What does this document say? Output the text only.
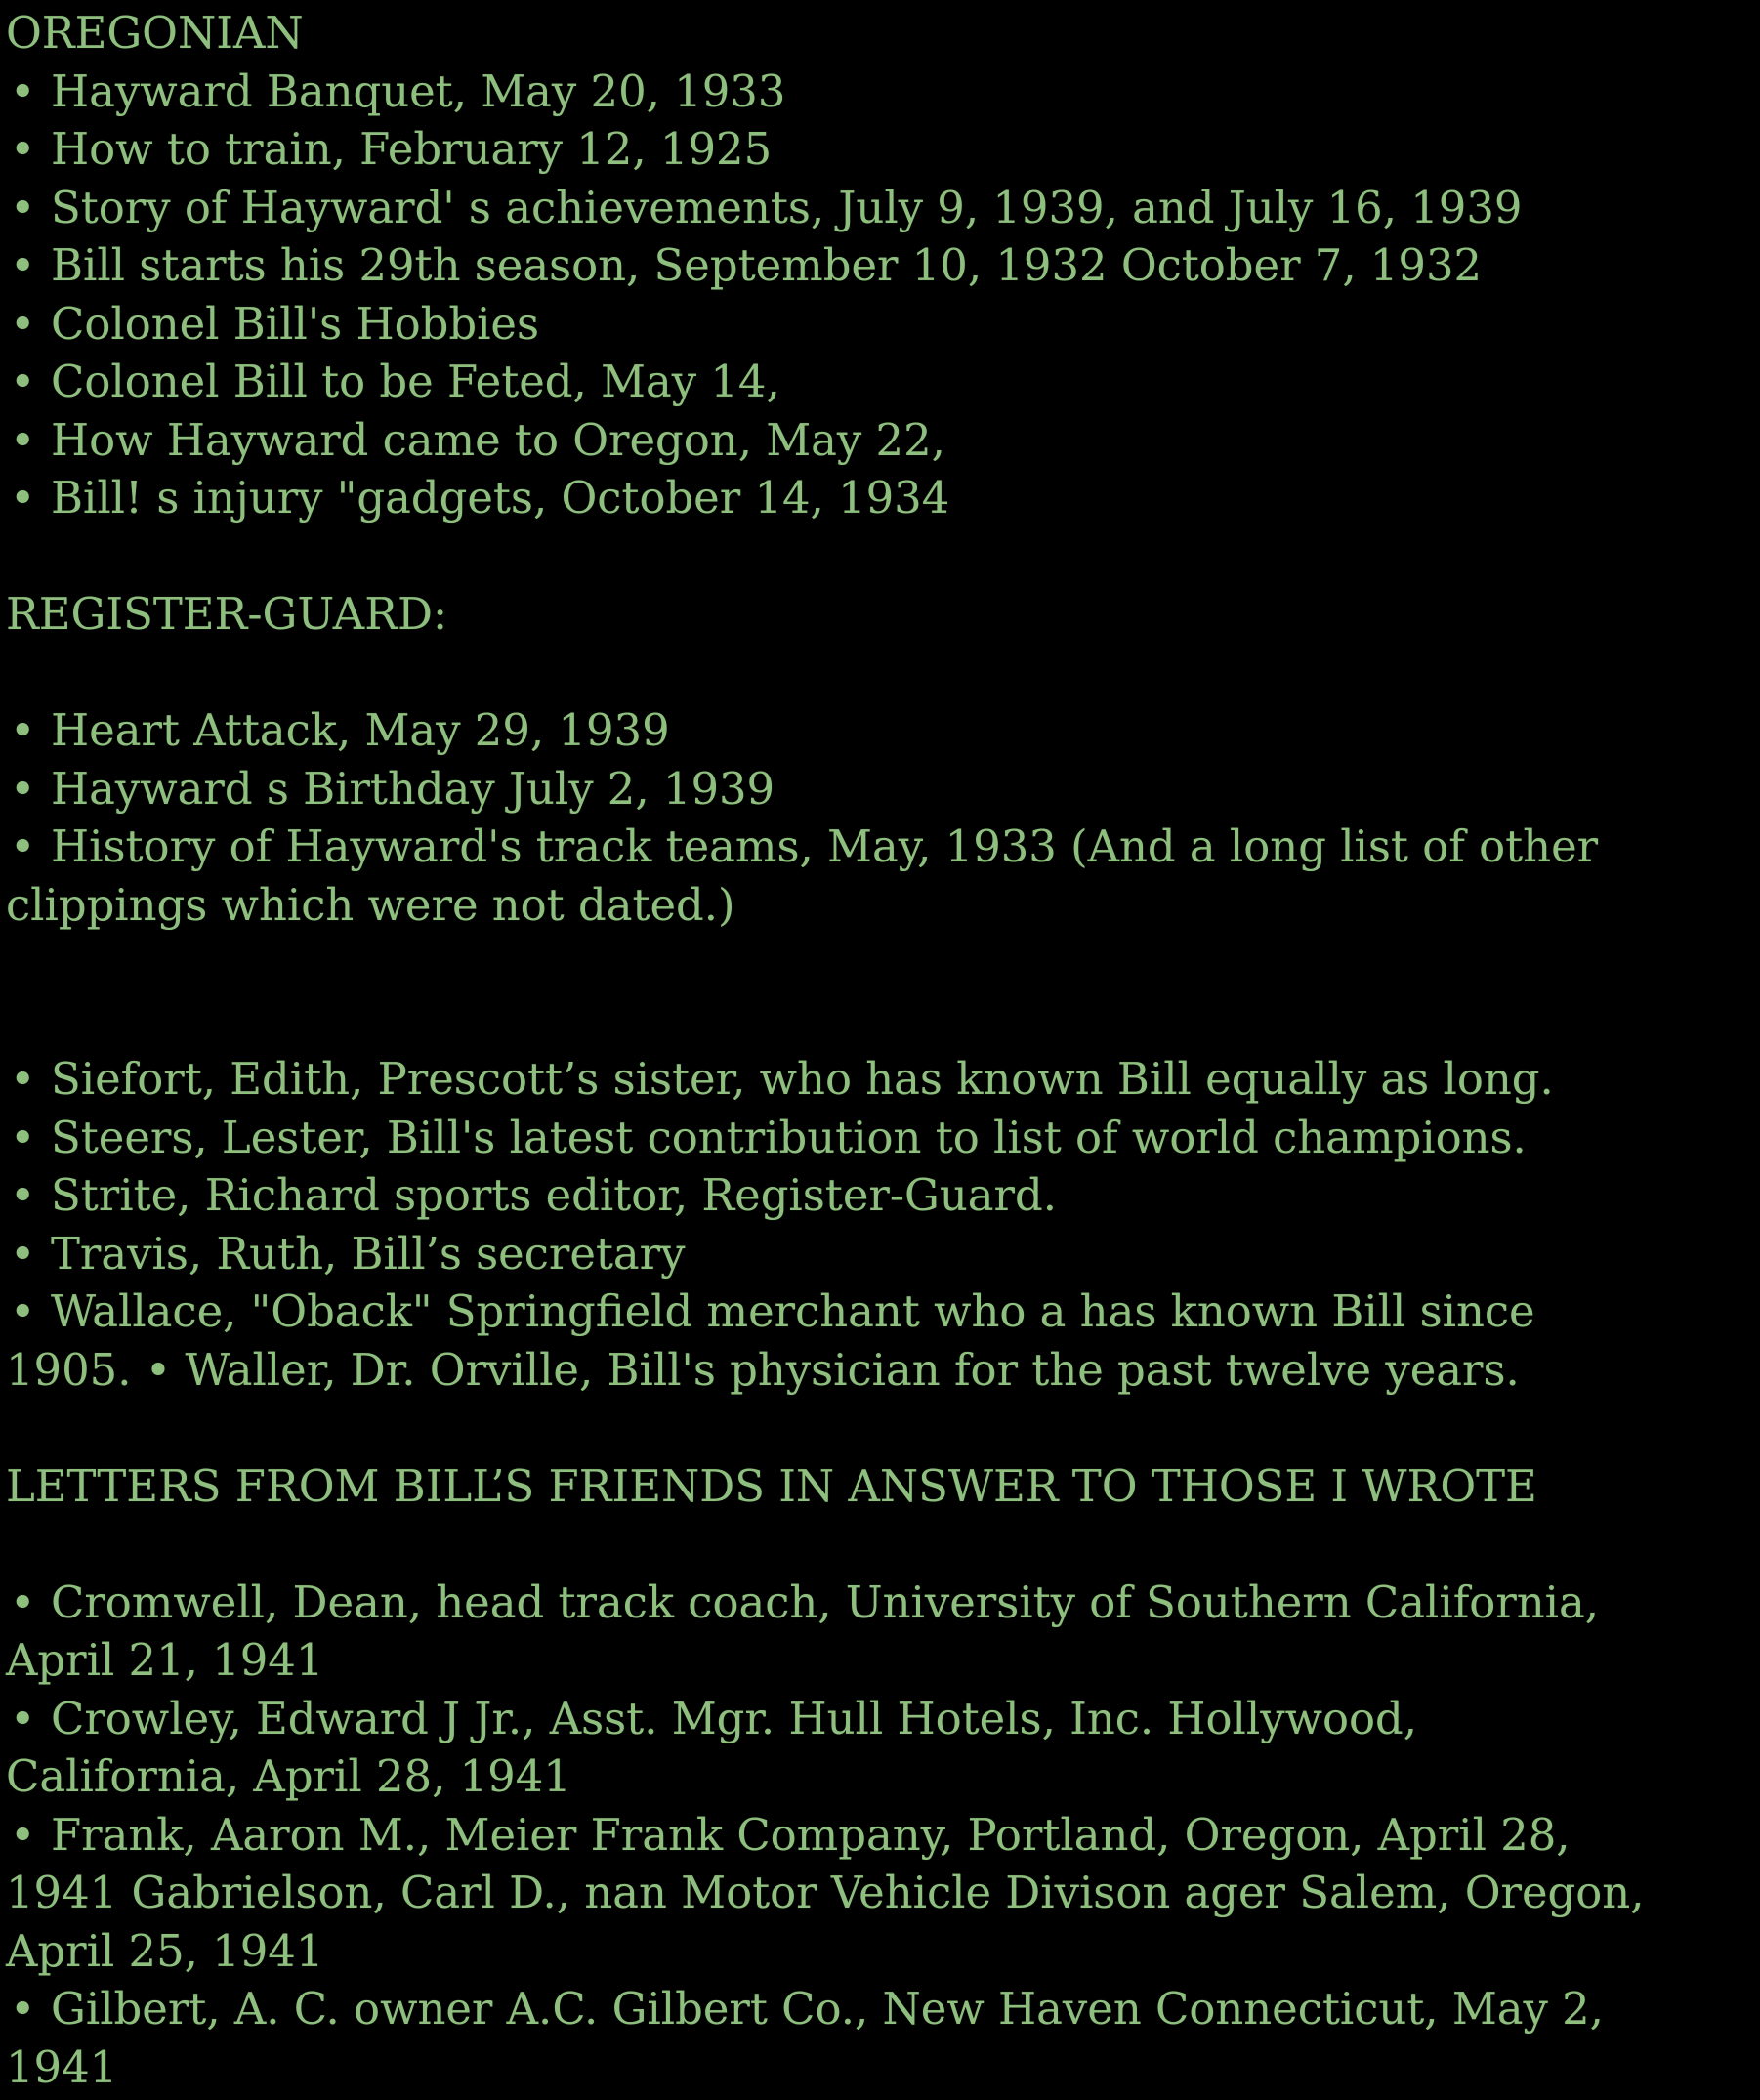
OREGONIAN
• Hayward Banquet, May 20, 1933
• How to train, February 12, 1925
• Story of Hayward' s achievements, July 9, 1939, and July 16, 1939
• Bill starts his 29th season, September 10, 1932 October 7, 1932
• Colonel Bill's Hobbies
• Colonel Bill to be Feted, May 14,
• How Hayward came to Oregon, May 22,
• Bill! s injury "gadgets, October 14, 1934
REGISTER-GUARD:
• Heart Attack, May 29, 1939
• Hayward s Birthday July 2, 1939
• History of Hayward's track teams, May, 1933 (And a long list of other
clippings which were not dated.)
• Siefort, Edith, Prescott’s sister, who has known Bill equally as long.
• Steers, Lester, Bill's latest contribution to list of world champions.
• Strite, Richard sports editor, Register-Guard.
• Travis, Ruth, Bill’s secretary
• Wallace, "Oback" Springfield merchant who a has known Bill since
1905. • Waller, Dr. Orville, Bill's physician for the past twelve years.
LETTERS FROM BILL’S FRIENDS IN ANSWER TO THOSE I WROTE
• Cromwell, Dean, head track coach, University of Southern California,
April 21, 1941
• Crowley, Edward J Jr., Asst. Mgr. Hull Hotels, Inc. Hollywood,
California, April 28, 1941
• Frank, Aaron M., Meier Frank Company, Portland, Oregon, April 28,
1941 Gabrielson, Carl D., nan Motor Vehicle Divison ager Salem, Oregon,
April 25, 1941
• Gilbert, A. C. owner A.C. Gilbert Co., New Haven Connecticut, May 2,
1941
